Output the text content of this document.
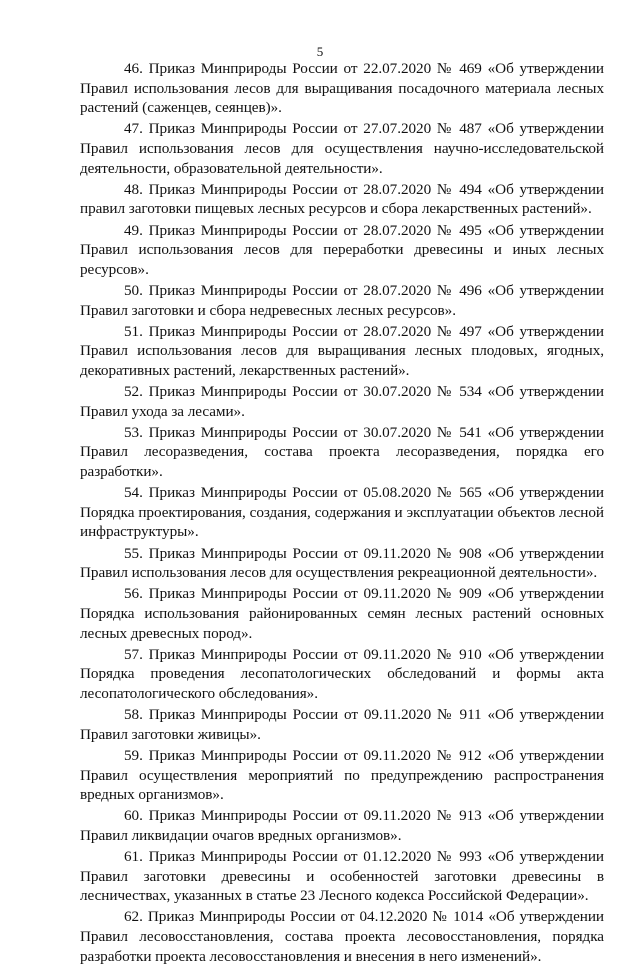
5

46. Приказ Минприроды России от 22.07.2020 № 469 «Об утверждении Правил использования лесов для выращивания посадочного материала лесных растений (саженцев, сеянцев)».

47. Приказ Минприроды России от 27.07.2020 № 487 «Об утверждении Правил использования лесов для осуществления научно-исследовательской деятельности, образовательной деятельности».

48. Приказ Минприроды России от 28.07.2020 № 494 «Об утверждении правил заготовки пищевых лесных ресурсов и сбора лекарственных растений».

49. Приказ Минприроды России от 28.07.2020 № 495 «Об утверждении Правил использования лесов для переработки древесины и иных лесных ресурсов».

50. Приказ Минприроды России от 28.07.2020 № 496 «Об утверждении Правил заготовки и сбора недревесных лесных ресурсов».

51. Приказ Минприроды России от 28.07.2020 № 497 «Об утверждении Правил использования лесов для выращивания лесных плодовых, ягодных, декоративных растений, лекарственных растений».

52. Приказ Минприроды России от 30.07.2020 № 534 «Об утверждении Правил ухода за лесами».

53. Приказ Минприроды России от 30.07.2020 № 541 «Об утверждении Правил лесоразведения, состава проекта лесоразведения, порядка его разработки».

54. Приказ Минприроды России от 05.08.2020 № 565 «Об утверждении Порядка проектирования, создания, содержания и эксплуатации объектов лесной инфраструктуры».

55. Приказ Минприроды России от 09.11.2020 № 908 «Об утверждении Правил использования лесов для осуществления рекреационной деятельности».

56. Приказ Минприроды России от 09.11.2020 № 909 «Об утверждении Порядка использования районированных семян лесных растений основных лесных древесных пород».

57. Приказ Минприроды России от 09.11.2020 № 910 «Об утверждении Порядка проведения лесопатологических обследований и формы акта лесопатологического обследования».

58. Приказ Минприроды России от 09.11.2020 № 911 «Об утверждении Правил заготовки живицы».

59. Приказ Минприроды России от 09.11.2020 № 912 «Об утверждении Правил осуществления мероприятий по предупреждению распространения вредных организмов».

60. Приказ Минприроды России от 09.11.2020 № 913 «Об утверждении Правил ликвидации очагов вредных организмов».

61. Приказ Минприроды России от 01.12.2020 № 993 «Об утверждении Правил заготовки древесины и особенностей заготовки древесины в лесничествах, указанных в статье 23 Лесного кодекса Российской Федерации».

62. Приказ Минприроды России от 04.12.2020 № 1014 «Об утверждении Правил лесовосстановления, состава проекта лесовосстановления, порядка разработки проекта лесовосстановления и внесения в него изменений».
